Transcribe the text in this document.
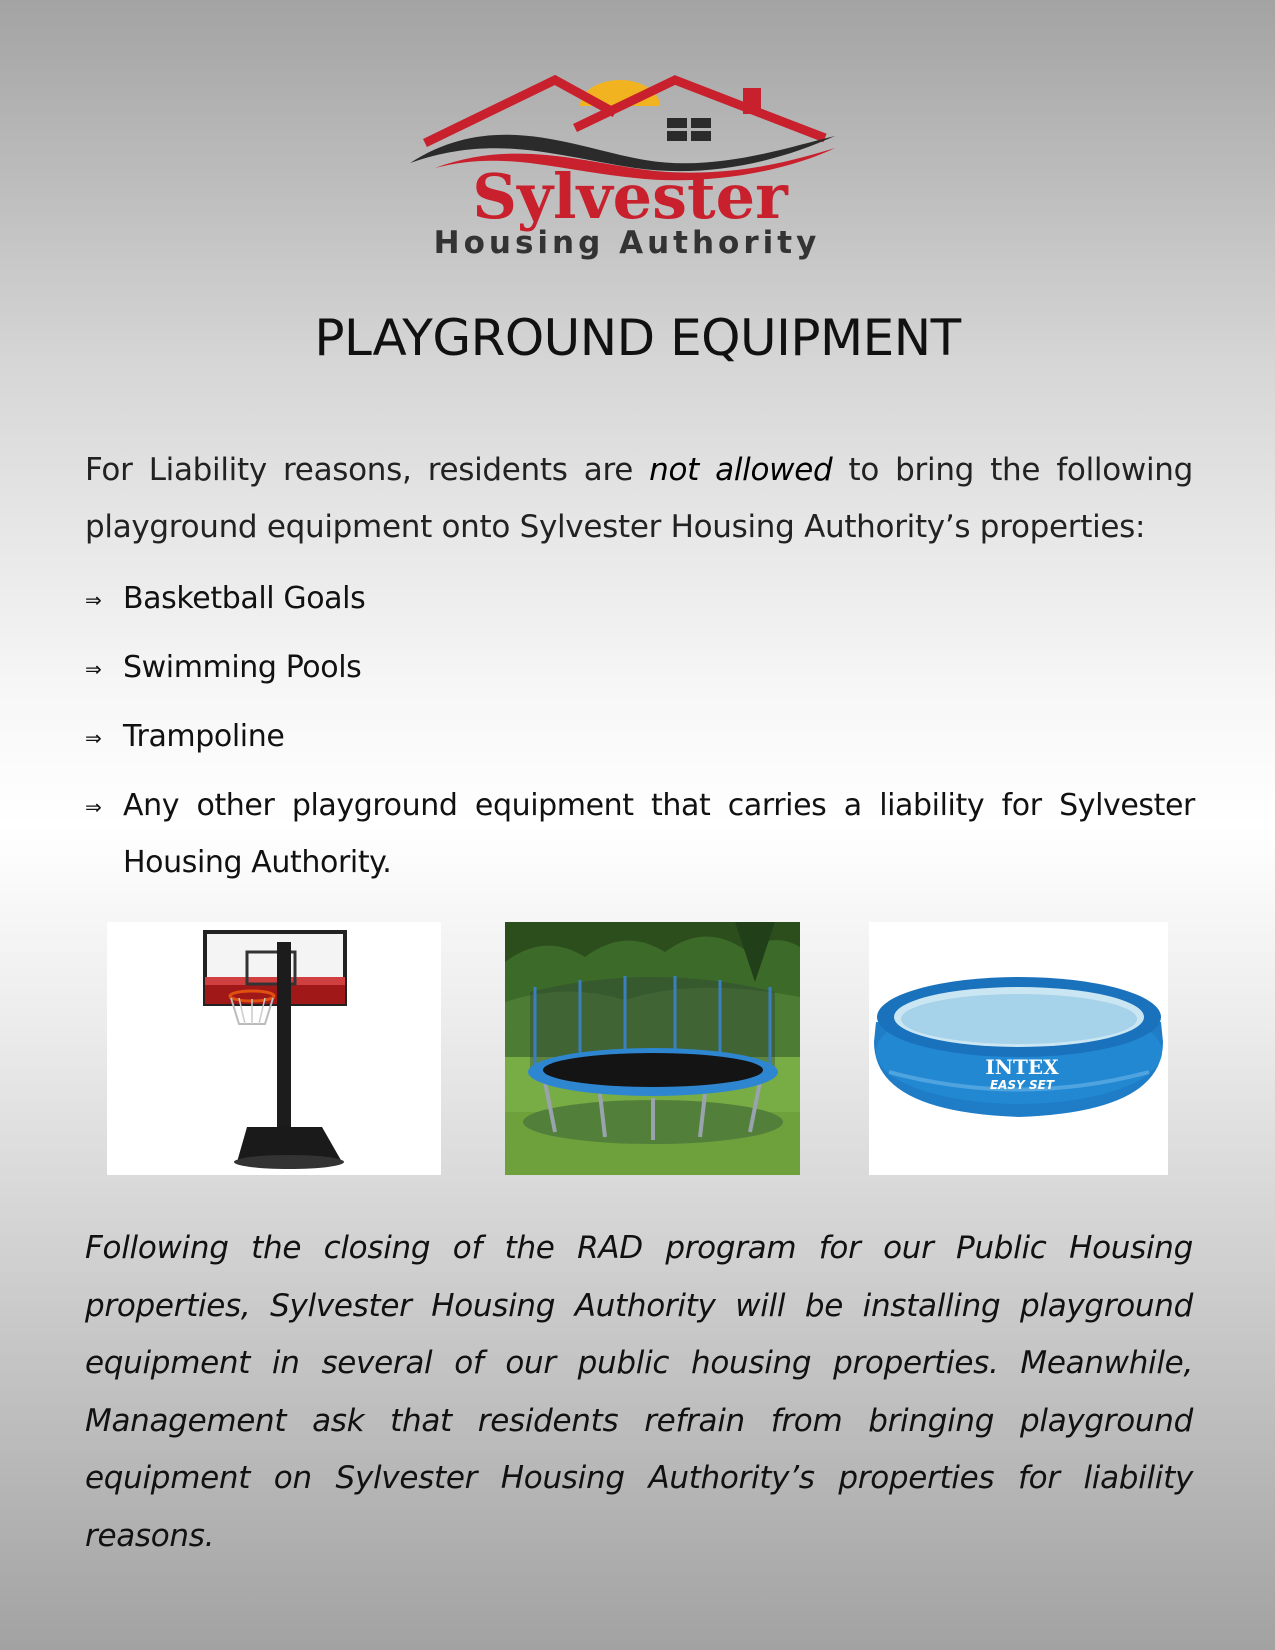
Sylvester
Housing Authority
PLAYGROUND EQUIPMENT

For Liability reasons, residents are not allowed to bring the following playground equipment onto Sylvester Housing Authority’s properties:

⇒ Basketball Goals
⇒ Swimming Pools
⇒ Trampoline
⇒ Any other playground equipment that carries a liability for Sylvester Housing Authority.
INTEX
EASY SET

Following the closing of the RAD program for our Public Housing properties, Sylvester Housing Authority will be installing playground equipment in several of our public housing properties. Meanwhile, Management ask that residents refrain from bringing playground equipment on Sylvester Housing Authority’s properties for liability reasons.
